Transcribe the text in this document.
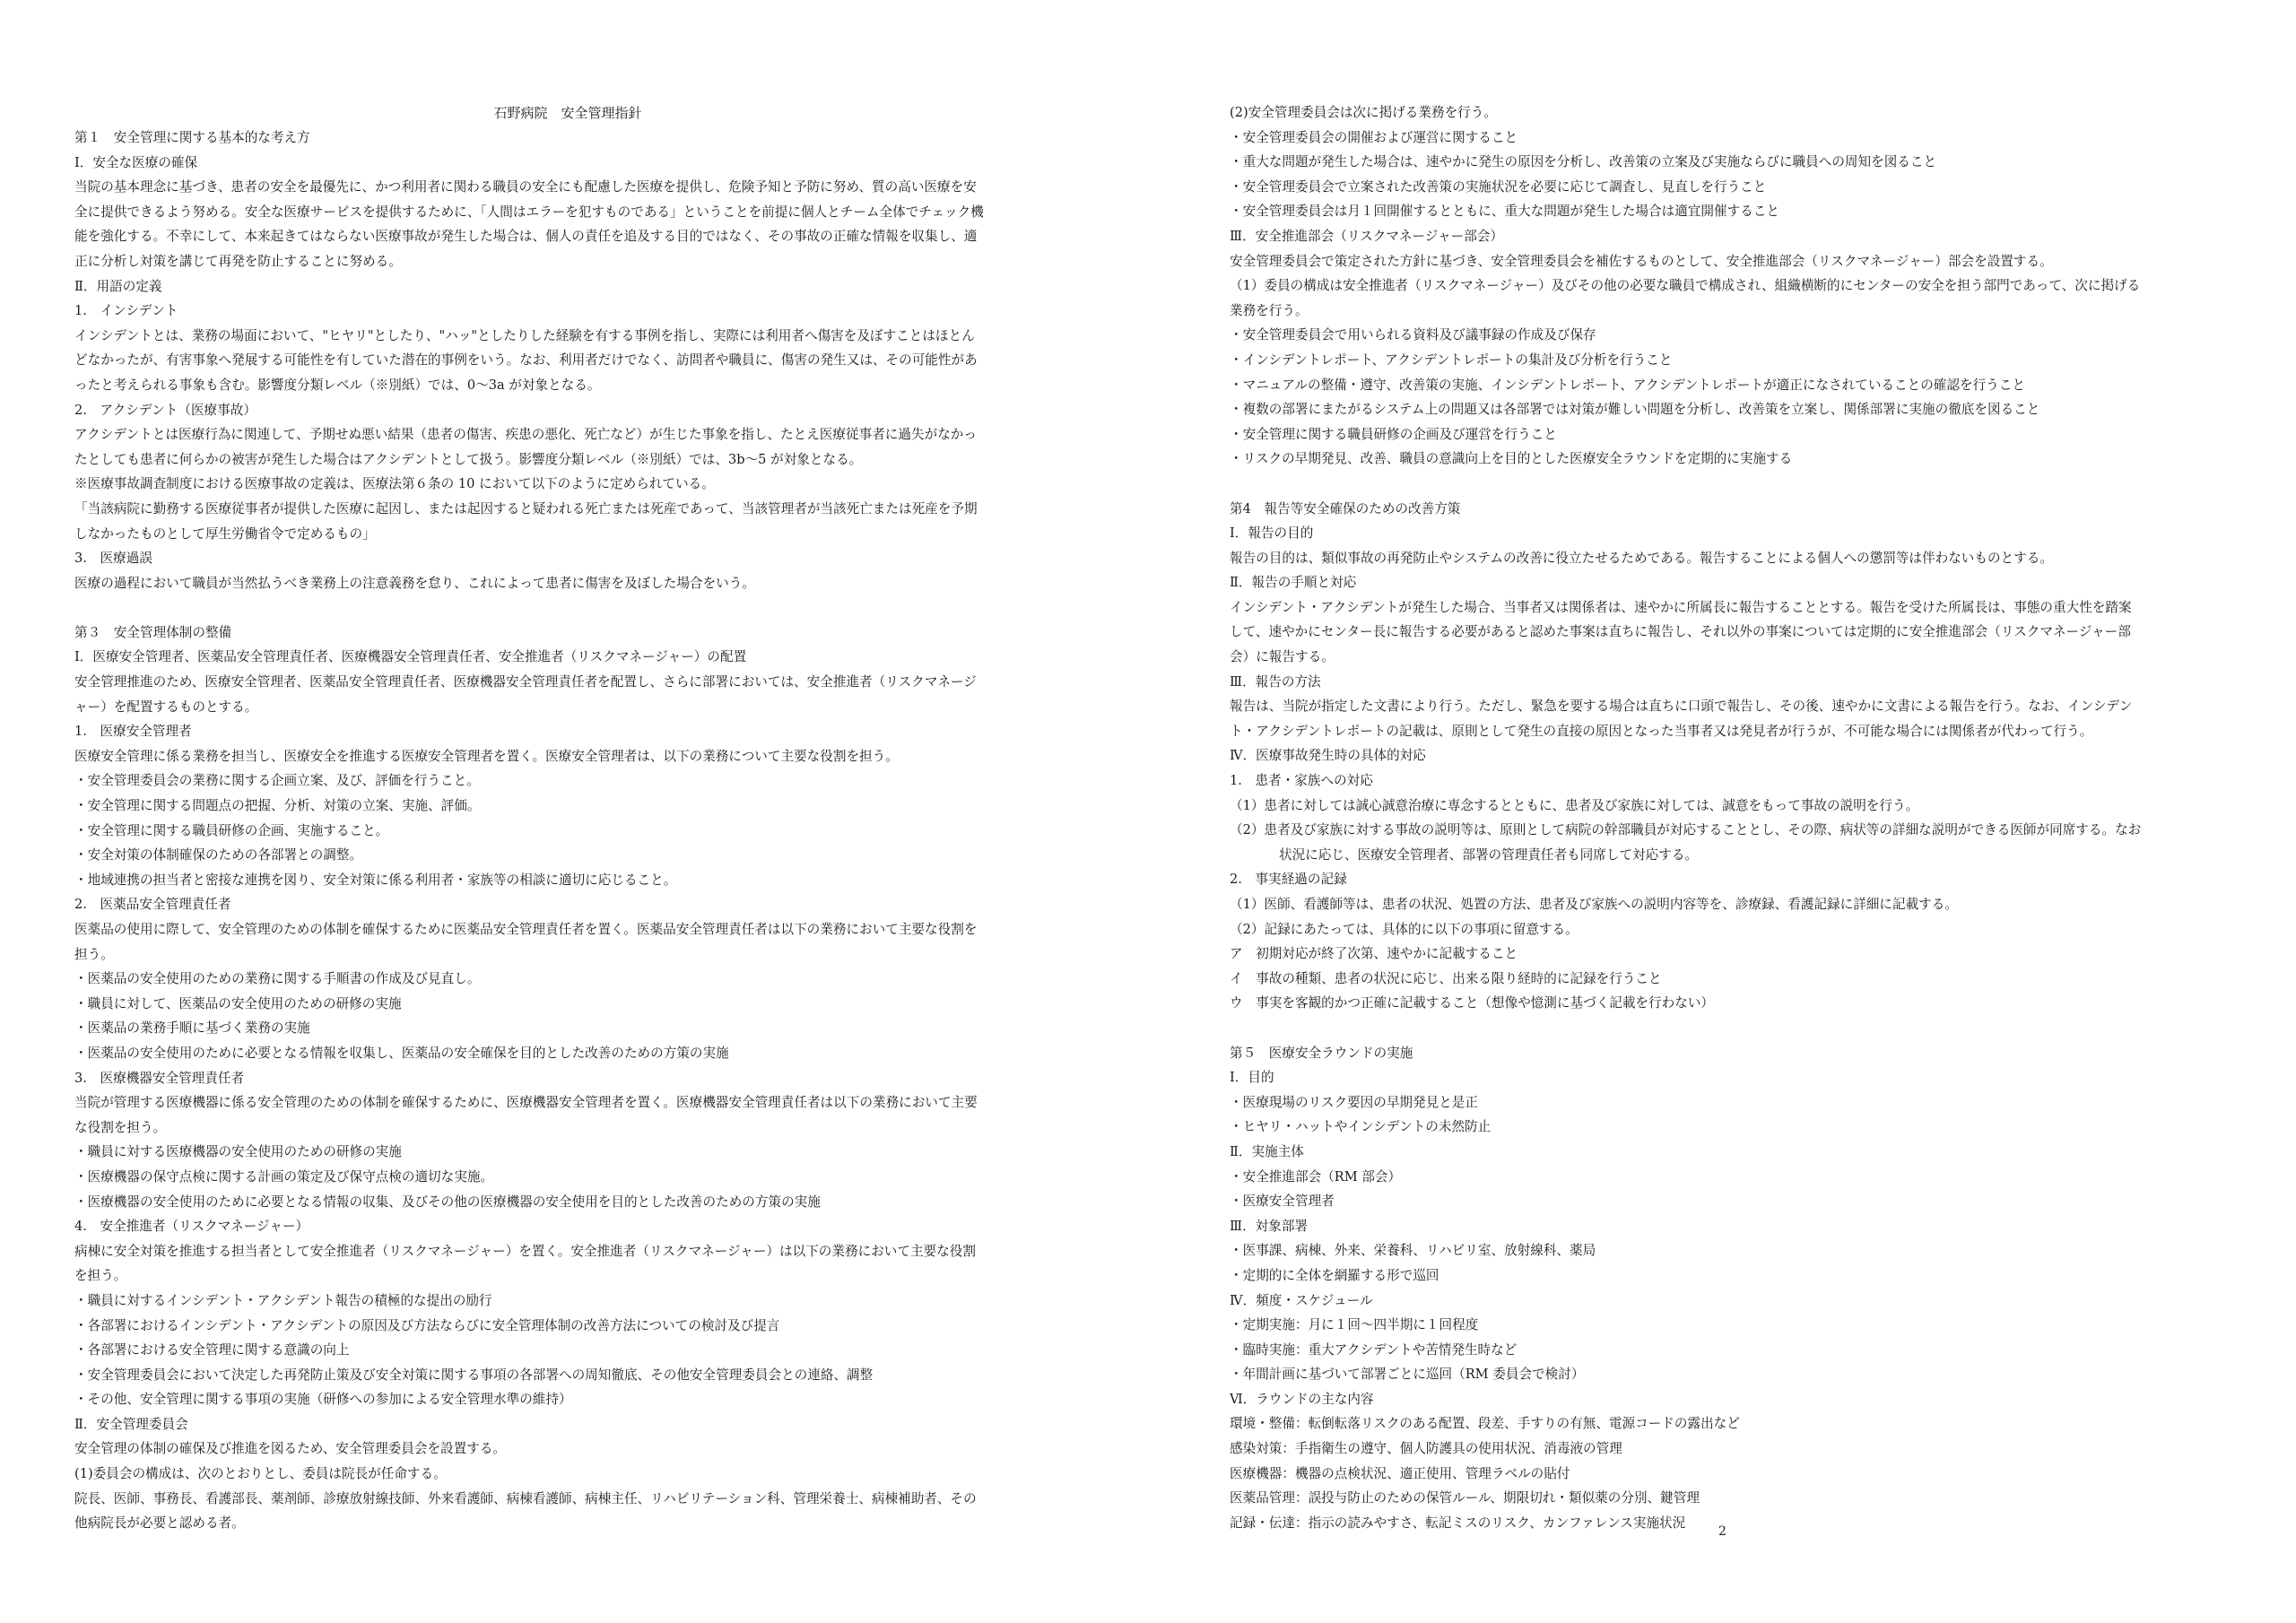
石野病院　安全管理指針

第１　安全管理に関する基本的な考え方

Ⅰ．安全な医療の確保

当院の基本理念に基づき、患者の安全を最優先に、かつ利用者に関わる職員の安全にも配慮した医療を提供し、危険予知と予防に努め、質の高い医療を安

全に提供できるよう努める。安全な医療サービスを提供するために、「人間はエラーを犯すものである」ということを前提に個人とチーム全体でチェック機

能を強化する。不幸にして、本来起きてはならない医療事故が発生した場合は、個人の責任を追及する目的ではなく、その事故の正確な情報を収集し、適

正に分析し対策を講じて再発を防止することに努める。

Ⅱ．用語の定義

1.　インシデント

インシデントとは、業務の場面において、"ヒヤリ"としたり、"ハッ"としたりした経験を有する事例を指し、実際には利用者へ傷害を及ぼすことはほとん

どなかったが、有害事象へ発展する可能性を有していた潜在的事例をいう。なお、利用者だけでなく、訪問者や職員に、傷害の発生又は、その可能性があ

ったと考えられる事象も含む。影響度分類レベル（※別紙）では、0〜3a が対象となる。

2.　アクシデント（医療事故）

アクシデントとは医療行為に関連して、予期せぬ悪い結果（患者の傷害、疾患の悪化、死亡など）が生じた事象を指し、たとえ医療従事者に過失がなかっ

たとしても患者に何らかの被害が発生した場合はアクシデントとして扱う。影響度分類レベル（※別紙）では、3b〜5 が対象となる。

※医療事故調査制度における医療事故の定義は、医療法第６条の 10 において以下のように定められている。

「当該病院に勤務する医療従事者が提供した医療に起因し、または起因すると疑われる死亡または死産であって、当該管理者が当該死亡または死産を予期

しなかったものとして厚生労働省令で定めるもの」

3.　医療過誤

医療の過程において職員が当然払うべき業務上の注意義務を怠り、これによって患者に傷害を及ぼした場合をいう。

第３　安全管理体制の整備

Ⅰ．医療安全管理者、医薬品安全管理責任者、医療機器安全管理責任者、安全推進者（リスクマネージャー）の配置

安全管理推進のため、医療安全管理者、医薬品安全管理責任者、医療機器安全管理責任者を配置し、さらに部署においては、安全推進者（リスクマネージ

ャー）を配置するものとする。

1.　医療安全管理者

医療安全管理に係る業務を担当し、医療安全を推進する医療安全管理者を置く。医療安全管理者は、以下の業務について主要な役割を担う。

・安全管理委員会の業務に関する企画立案、及び、評価を行うこと。

・安全管理に関する問題点の把握、分析、対策の立案、実施、評価。

・安全管理に関する職員研修の企画、実施すること。

・安全対策の体制確保のための各部署との調整。

・地域連携の担当者と密接な連携を図り、安全対策に係る利用者・家族等の相談に適切に応じること。

2.　医薬品安全管理責任者

医薬品の使用に際して、安全管理のための体制を確保するために医薬品安全管理責任者を置く。医薬品安全管理責任者は以下の業務において主要な役割を

担う。

・医薬品の安全使用のための業務に関する手順書の作成及び見直し。

・職員に対して、医薬品の安全使用のための研修の実施

・医薬品の業務手順に基づく業務の実施

・医薬品の安全使用のために必要となる情報を収集し、医薬品の安全確保を目的とした改善のための方策の実施

3.　医療機器安全管理責任者

当院が管理する医療機器に係る安全管理のための体制を確保するために、医療機器安全管理者を置く。医療機器安全管理責任者は以下の業務において主要

な役割を担う。

・職員に対する医療機器の安全使用のための研修の実施

・医療機器の保守点検に関する計画の策定及び保守点検の適切な実施。

・医療機器の安全使用のために必要となる情報の収集、及びその他の医療機器の安全使用を目的とした改善のための方策の実施

4.　安全推進者（リスクマネージャー）

病棟に安全対策を推進する担当者として安全推進者（リスクマネージャー）を置く。安全推進者（リスクマネージャー）は以下の業務において主要な役割

を担う。

・職員に対するインシデント・アクシデント報告の積極的な提出の励行

・各部署におけるインシデント・アクシデントの原因及び方法ならびに安全管理体制の改善方法についての検討及び提言

・各部署における安全管理に関する意識の向上

・安全管理委員会において決定した再発防止策及び安全対策に関する事項の各部署への周知徹底、その他安全管理委員会との連絡、調整

・その他、安全管理に関する事項の実施（研修への参加による安全管理水準の維持）

Ⅱ．安全管理委員会

安全管理の体制の確保及び推進を図るため、安全管理委員会を設置する。

(1)委員会の構成は、次のとおりとし、委員は院長が任命する。

院長、医師、事務長、看護部長、薬剤師、診療放射線技師、外来看護師、病棟看護師、病棟主任、リハビリテーション科、管理栄養士、病棟補助者、その

他病院長が必要と認める者。

(2)安全管理委員会は次に掲げる業務を行う。

・安全管理委員会の開催および運営に関すること

・重大な問題が発生した場合は、速やかに発生の原因を分析し、改善策の立案及び実施ならびに職員への周知を図ること

・安全管理委員会で立案された改善策の実施状況を必要に応じて調査し、見直しを行うこと

・安全管理委員会は月１回開催するとともに、重大な問題が発生した場合は適宜開催すること

Ⅲ．安全推進部会（リスクマネージャー部会）

安全管理委員会で策定された方針に基づき、安全管理委員会を補佐するものとして、安全推進部会（リスクマネージャー）部会を設置する。

（1）委員の構成は安全推進者（リスクマネージャー）及びその他の必要な職員で構成され、組織横断的にセンターの安全を担う部門であって、次に掲げる

業務を行う。

・安全管理委員会で用いられる資料及び議事録の作成及び保存

・インシデントレポート、アクシデントレポートの集計及び分析を行うこと

・マニュアルの整備・遵守、改善策の実施、インシデントレポート、アクシデントレポートが適正になされていることの確認を行うこと

・複数の部署にまたがるシステム上の問題又は各部署では対策が難しい問題を分析し、改善策を立案し、関係部署に実施の徹底を図ること

・安全管理に関する職員研修の企画及び運営を行うこと

・リスクの早期発見、改善、職員の意識向上を目的とした医療安全ラウンドを定期的に実施する

第4　報告等安全確保のための改善方策

Ⅰ．報告の目的

報告の目的は、類似事故の再発防止やシステムの改善に役立たせるためである。報告することによる個人への懲罰等は伴わないものとする。

Ⅱ．報告の手順と対応

インシデント・アクシデントが発生した場合、当事者又は関係者は、速やかに所属長に報告することとする。報告を受けた所属長は、事態の重大性を踏案

して、速やかにセンター長に報告する必要があると認めた事案は直ちに報告し、それ以外の事案については定期的に安全推進部会（リスクマネージャー部

会）に報告する。

Ⅲ．報告の方法

報告は、当院が指定した文書により行う。ただし、緊急を要する場合は直ちに口頭で報告し、その後、速やかに文書による報告を行う。なお、インシデン

ト・アクシデントレポートの記載は、原則として発生の直接の原因となった当事者又は発見者が行うが、不可能な場合には関係者が代わって行う。

Ⅳ．医療事故発生時の具体的対応

1.　患者・家族への対応

（1）患者に対しては誠心誠意治療に専念するとともに、患者及び家族に対しては、誠意をもって事故の説明を行う。

（2）患者及び家族に対する事故の説明等は、原則として病院の幹部職員が対応することとし、その際、病状等の詳細な説明ができる医師が同席する。なお

状況に応じ、医療安全管理者、部署の管理責任者も同席して対応する。

2.　事実経過の記録

（1）医師、看護師等は、患者の状況、処置の方法、患者及び家族への説明内容等を、診療録、看護記録に詳細に記載する。

（2）記録にあたっては、具体的に以下の事項に留意する。

ア　初期対応が終了次第、速やかに記載すること

イ　事故の種類、患者の状況に応じ、出来る限り経時的に記録を行うこと

ウ　事実を客観的かつ正確に記載すること（想像や憶測に基づく記載を行わない）

第５　医療安全ラウンドの実施

Ⅰ．目的

・医療現場のリスク要因の早期発見と是正

・ヒヤリ・ハットやインシデントの未然防止

Ⅱ．実施主体

・安全推進部会（RM 部会）

・医療安全管理者

Ⅲ．対象部署

・医事課、病棟、外来、栄養科、リハビリ室、放射線科、薬局

・定期的に全体を網羅する形で巡回

Ⅳ．頻度・スケジュール

・定期実施：月に１回〜四半期に１回程度

・臨時実施：重大アクシデントや苦情発生時など

・年間計画に基づいて部署ごとに巡回（RM 委員会で検討）

Ⅵ．ラウンドの主な内容

環境・整備：転倒転落リスクのある配置、段差、手すりの有無、電源コードの露出など

感染対策：手指衛生の遵守、個人防護具の使用状況、消毒液の管理

医療機器：機器の点検状況、適正使用、管理ラベルの貼付

医薬品管理：誤投与防止のための保管ルール、期限切れ・類似薬の分別、鍵管理

記録・伝達：指示の読みやすさ、転記ミスのリスク、カンファレンス実施状況

2
